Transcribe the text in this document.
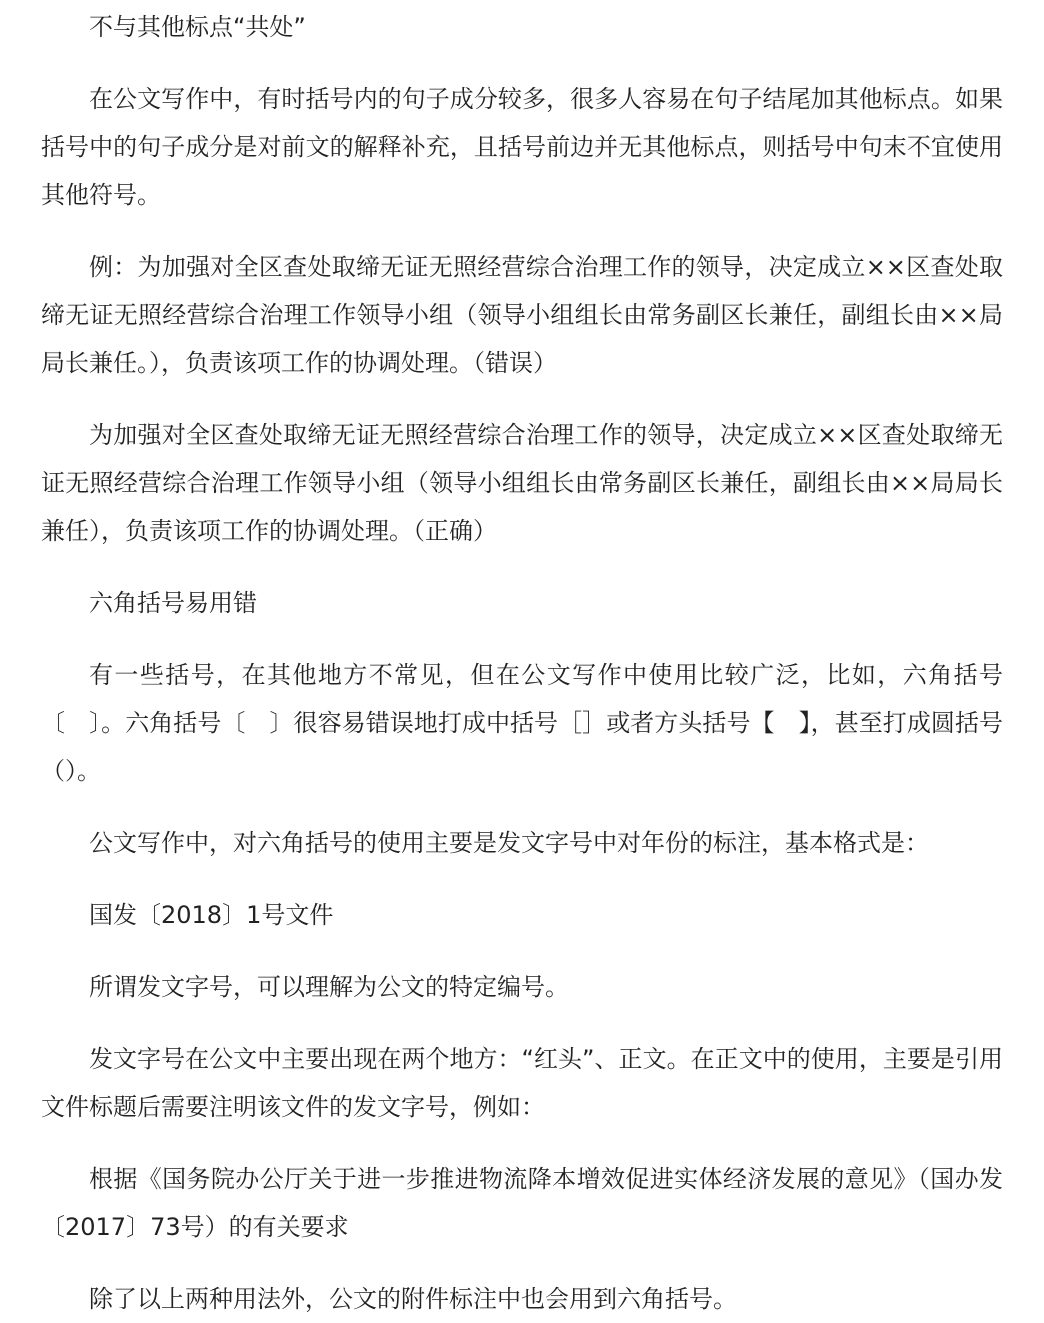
不与其他标点“共处”

在公文写作中，有时括号内的句子成分较多，很多人容易在句子结尾加其他标点。如果括号中的句子成分是对前文的解释补充，且括号前边并无其他标点，则括号中句末不宜使用其他符号。

例：为加强对全区查处取缔无证无照经营综合治理工作的领导，决定成立××区查处取缔无证无照经营综合治理工作领导小组（领导小组组长由常务副区长兼任，副组长由××局局长兼任。），负责该项工作的协调处理。（错误）

为加强对全区查处取缔无证无照经营综合治理工作的领导，决定成立××区查处取缔无证无照经营综合治理工作领导小组（领导小组组长由常务副区长兼任，副组长由××局局长兼任），负责该项工作的协调处理。（正确）

六角括号易用错

有一些括号，在其他地方不常见，但在公文写作中使用比较广泛，比如，六角括号〔　〕。六角括号〔　〕很容易错误地打成中括号［］或者方头括号【　】，甚至打成圆括号（）。

公文写作中，对六角括号的使用主要是发文字号中对年份的标注，基本格式是：

国发〔2018〕1号文件

所谓发文字号，可以理解为公文的特定编号。

发文字号在公文中主要出现在两个地方：“红头”、正文。在正文中的使用，主要是引用文件标题后需要注明该文件的发文字号，例如：

根据《国务院办公厅关于进一步推进物流降本增效促进实体经济发展的意见》（国办发〔2017〕73号）的有关要求

除了以上两种用法外，公文的附件标注中也会用到六角括号。
